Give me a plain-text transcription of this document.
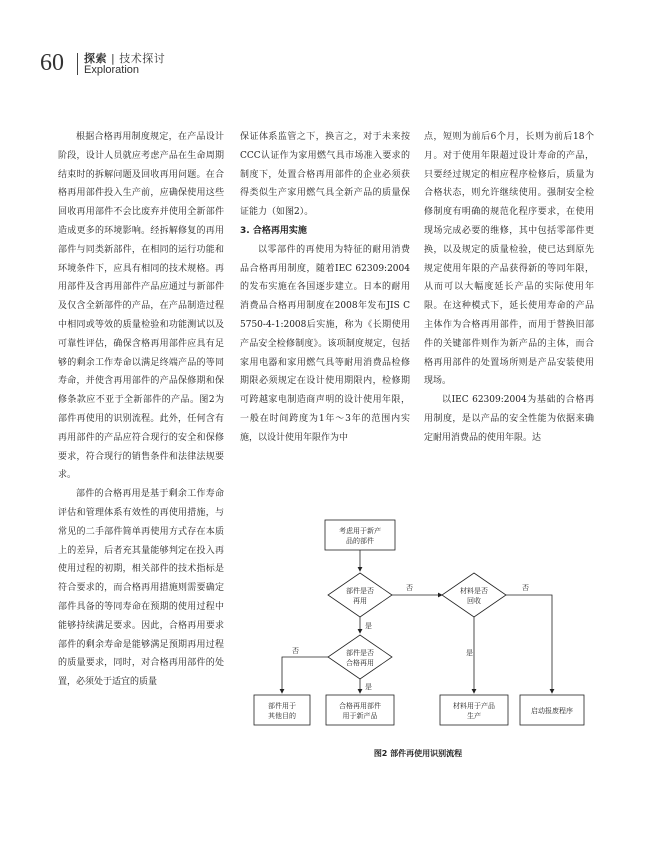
60 探索 | 技术探讨
Exploration

根据合格再用制度规定，在产品设计阶段，设计人员就应考虑产品在生命周期结束时的拆解问题及回收再用问题。在合格再用部件投入生产前，应确保使用这些回收再用部件不会比废弃并使用全新部件造成更多的环境影响。经拆解修复的再用部件与同类新部件，在相同的运行功能和环境条件下，应具有相同的技术规格。再用部件及含再用部件产品应通过与新部件及仅含全新部件的产品，在产品制造过程中相同或等效的质量检验和功能测试以及可靠性评估，确保含格再用部件应具有足够的剩余工作寿命以满足终端产品的等同寿命，并使含再用部件的产品保修期和保修条款应不亚于全新部件的产品。图2为部件再使用的识别流程。此外，任何含有再用部件的产品应符合现行的安全和保修要求，符合现行的销售条件和法律法规要求。

部件的合格再用是基于剩余工作寿命评估和管理体系有效性的再使用措施，与常见的二手部件简单再使用方式存在本质上的差异，后者充其量能够判定在投入再使用过程的初期，相关部件的技术指标是符合要求的，而合格再用措施则需要确定部件具备的等同寿命在预期的使用过程中能够持续满足要求。因此，合格再用要求部件的剩余寿命是能够满足预期再用过程的质量要求，同时，对合格再用部件的处置，必须处于适宜的质量

保证体系监管之下，换言之，对于未来按CCC认证作为家用燃气具市场准入要求的制度下，处置合格再用部件的企业必须获得类似生产家用燃气具全新产品的质量保证能力（如图2）。

3. 合格再用实施

以零部件的再使用为特征的耐用消费品合格再用制度，随着IEC 62309:2004的发布实施在各国逐步建立。日本的耐用消费品合格再用制度在2008年发布JIS C 5750-4-1:2008后实施，称为《长期使用产品安全检修制度》。该项制度规定，包括家用电器和家用燃气具等耐用消费品检修期限必须规定在设计使用期限内，检修期可跨越家电制造商声明的设计使用年限，一般在时间跨度为1年～3年的范围内实施，以设计使用年限作为中

点，短则为前后6个月，长则为前后18个月。对于使用年限超过设计寿命的产品，只要经过规定的相应程序检修后，质量为合格状态，则允许继续使用。强制安全检修制度有明确的规范化程序要求，在使用现场完成必要的维修，其中包括零部件更换，以及规定的质量检验，使已达到原先规定使用年限的产品获得新的等同年限，从而可以大幅度延长产品的实际使用年限。在这种模式下，延长使用寿命的产品主体作为合格再用部件，而用于替换旧部件的关键部件则作为新产品的主体，而合格再用部件的处置场所则是产品安装使用现场。

以IEC 62309:2004为基础的合格再用制度，是以产品的安全性能为依据来确定耐用消费品的使用年限。达

考虑用于新产
品的部件
部件是否
再用
部件是否
合格再用
材料是否
回收
部件用于
其他目的
合格再用部件
用于新产品
材料用于产品
生产
启动报废程序
否
是
否
是
是
否
图2 部件再使用识别流程
